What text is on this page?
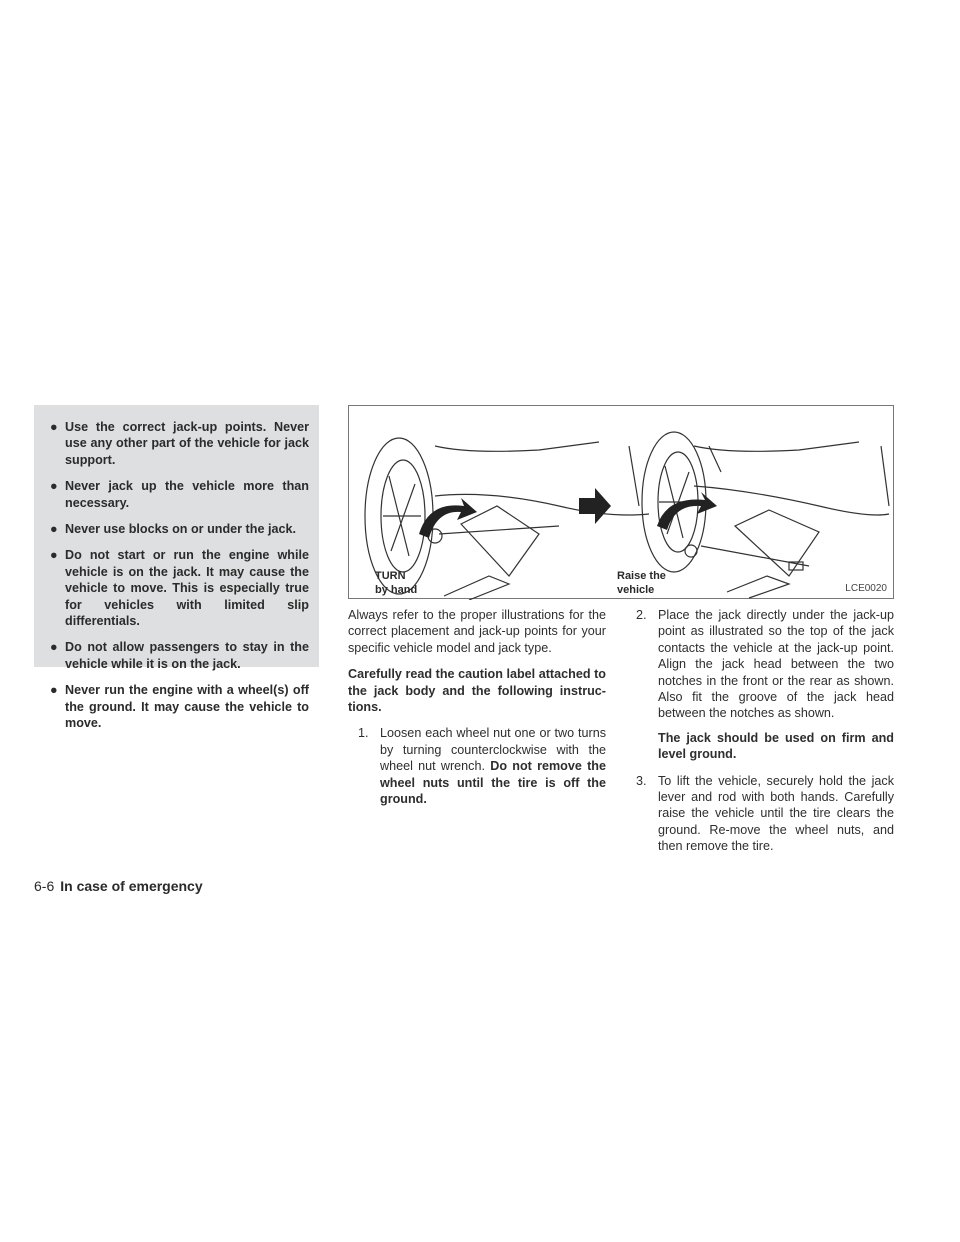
● Use the correct jack-up points. Never use any other part of the vehicle for jack support.
● Never jack up the vehicle more than necessary.
● Never use blocks on or under the jack.
● Do not start or run the engine while vehicle is on the jack. It may cause the vehicle to move. This is especially true for vehicles with limited slip differentials.
● Do not allow passengers to stay in the vehicle while it is on the jack.
● Never run the engine with a wheel(s) off the ground. It may cause the vehicle to move.
TURN
by hand
Raise the
vehicle	LCE0020

Always refer to the proper illustrations for the correct placement and jack-up points for your specific vehicle model and jack type.

Carefully read the caution label attached to the jack body and the following instruc-tions.

1. Loosen each wheel nut one or two turns by turning counterclockwise with the wheel nut wrench. Do not remove the wheel nuts until the tire is off the ground.
2. Place the jack directly under the jack-up point as illustrated so the top of the jack contacts the vehicle at the jack-up point. Align the jack head between the two notches in the front or the rear as shown. Also fit the groove of the jack head between the notches as shown.

The jack should be used on firm and level ground.

3. To lift the vehicle, securely hold the jack lever and rod with both hands. Carefully raise the vehicle until the tire clears the ground. Re-move the wheel nuts, and then remove the tire.
6-6 In case of emergency
